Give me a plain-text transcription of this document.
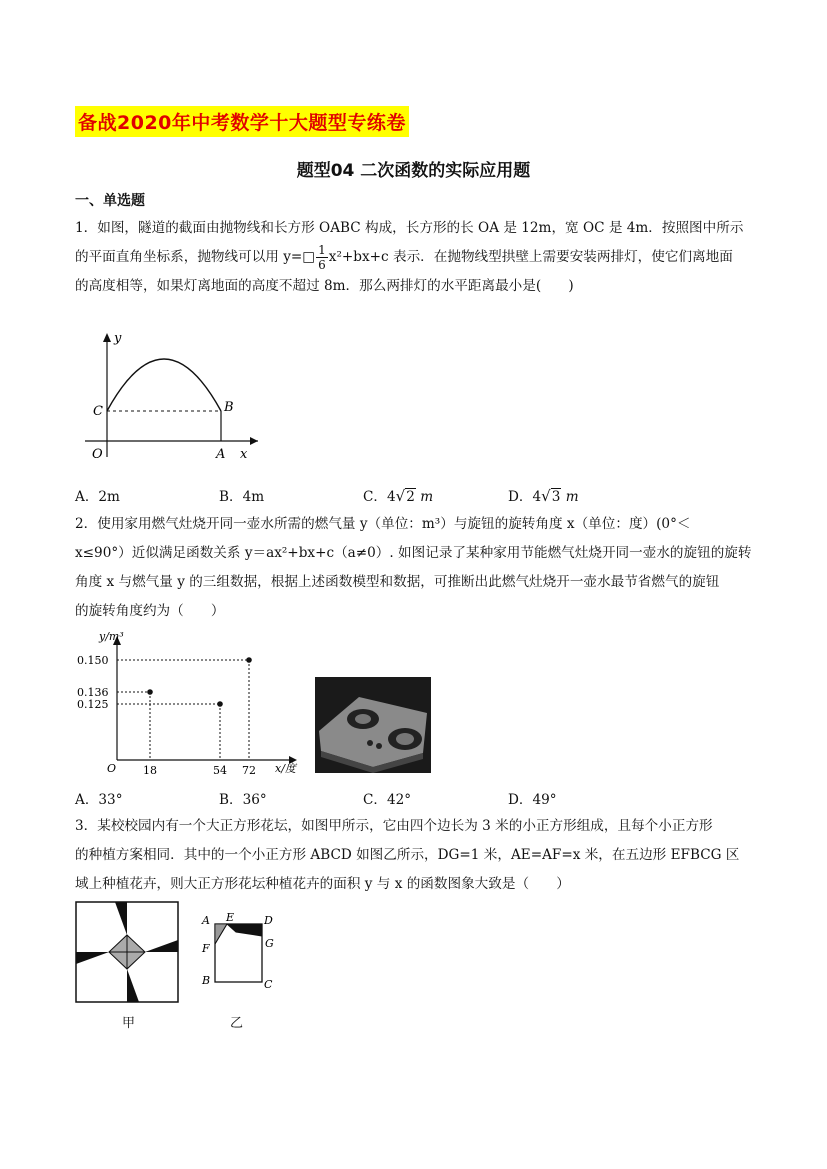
备战2020年中考数学十大题型专练卷
题型04 二次函数的实际应用题
一、单选题
1．如图，隧道的截面由抛物线和长方形 OABC 构成，长方形的长 OA 是 12m，宽 OC 是 4m．按照图中所示
的平面直角坐标系，抛物线可以用 y=□ $\frac{1}{6} x^2+bx+c$ 表示．在抛物线型拱壁上需要安装两排灯，使它们离地面
的高度相等，如果灯离地面的高度不超过 8m．那么两排灯的水平距离最小是(　　)
y
x
O	A
B
C
A．2m	B．4m	C．4√2 m	D．4√3 m
2．使用家用燃气灶烧开同一壶水所需的燃气量 y（单位：m³）与旋钮的旋转角度 x（单位：度）(0°＜
x≤90°）近似满足函数关系 y＝ax²+bx+c（a≠0）. 如图记录了某种家用节能燃气灶烧开同一壶水的旋钮的旋转
角度 x 与燃气量 y 的三组数据，根据上述函数模型和数据，可推断出此燃气灶烧开一壶水最节省燃气的旋钮
的旋转角度约为（　　）
y/m³
x/度
O 18	54 72
0.150
0.136
0.125
A．33°	B．36°	C．42°	D．49°
3．某校校园内有一个大正方形花坛，如图甲所示，它由四个边长为 3 米的小正方形组成，且每个小正方形
的种植方案相同．其中的一个小正方形 ABCD 如图乙所示，DG=1 米，AE=AF=x 米，在五边形 EFBCG 区
域上种植花卉，则大正方形花坛种植花卉的面积 y 与 x 的函数图象大致是（　　）
甲
A E	D
F	G
B	C
乙
